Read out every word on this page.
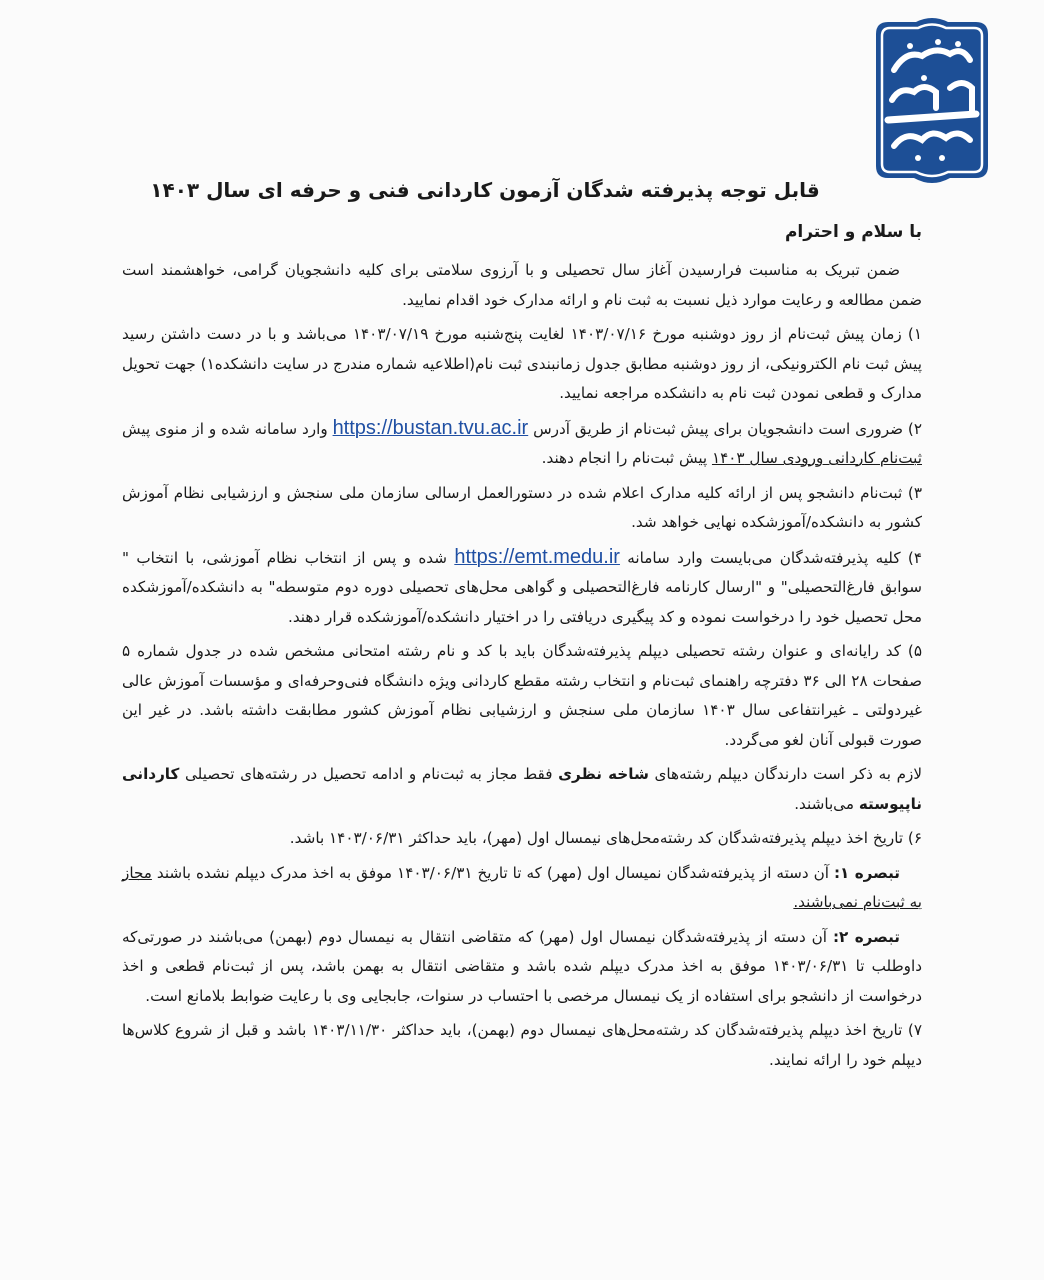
قابل توجه پذیرفته شدگان آزمون کاردانی فنی و حرفه ای سال ۱۴۰۳
با سلام و احترام

ضمن تبریک به مناسبت فرارسیدن آغاز سال تحصیلی و با آرزوی سلامتی برای کلیه دانشجویان گرامی، خواهشمند است ضمن مطالعه و رعایت موارد ذیل نسبت به ثبت نام و ارائه مدارک خود اقدام نمایید.

۱) زمان پیش ثبت‌نام از روز دوشنبه مورخ ۱۴۰۳/۰۷/۱۶ لغایت پنج‌شنبه مورخ ۱۴۰۳/۰۷/۱۹ می‌باشد و با در دست داشتن رسید پیش ثبت نام الکترونیکی، از روز دوشنبه مطابق جدول زمانبندی ثبت نام(اطلاعیه شماره مندرج در سایت دانشکده۱) جهت تحویل مدارک و قطعی نمودن ثبت نام به دانشکده مراجعه نمایید.

۲) ضروری است دانشجویان برای پیش ثبت‌نام از طریق آدرس https://bustan.tvu.ac.ir وارد سامانه شده و از منوی پیش ثبت‌نام کاردانی ورودی سال ۱۴۰۳ پیش ثبت‌نام را انجام دهند.

۳) ثبت‌نام دانشجو پس از ارائه کلیه مدارک اعلام شده در دستورالعمل ارسالی سازمان ملی سنجش و ارزشیابی نظام آموزش کشور به دانشکده/آموزشکده نهایی خواهد شد.

۴) کلیه پذیرفته‌شدگان می‌بایست وارد سامانه https://emt.medu.ir شده و پس از انتخاب نظام آموزشی، با انتخاب " سوابق فارغ‌التحصیلی" و "ارسال کارنامه فارغ‌التحصیلی و گواهی محل‌های تحصیلی دوره دوم متوسطه" به دانشکده/آموزشکده محل تحصیل خود را درخواست نموده و کد پیگیری دریافتی را در اختیار دانشکده/آموزشکده قرار دهند.

۵) کد رایانه‌ای و عنوان رشته تحصیلی دیپلم پذیرفته‌شدگان باید با کد و نام رشته امتحانی مشخص شده در جدول شماره ۵ صفحات ۲۸ الی ۳۶ دفترچه راهنمای ثبت‌نام و انتخاب رشته مقطع کاردانی ویژه دانشگاه فنی‌وحرفه‌ای و مؤسسات آموزش عالی غیردولتی ـ غیرانتفاعی سال ۱۴۰۳ سازمان ملی سنجش و ارزشیابی نظام آموزش کشور مطابقت داشته باشد. در غیر این صورت قبولی آنان لغو می‌گردد.

لازم به ذکر است دارندگان دیپلم رشته‌های شاخه نظری فقط مجاز به ثبت‌نام و ادامه تحصیل در رشته‌های تحصیلی کاردانی ناپیوسته می‌باشند.

۶) تاریخ اخذ دیپلم پذیرفته‌شدگان کد رشته‌محل‌های نیمسال اول (مهر)، باید حداکثر ۱۴۰۳/۰۶/۳۱ باشد.

تبصره ۱: آن دسته از پذیرفته‌شدگان نمیسال اول (مهر) که تا تاریخ ۱۴۰۳/۰۶/۳۱ موفق به اخذ مدرک دیپلم نشده باشند مجاز به ثبت‌نام نمی‌باشند.

تبصره ۲: آن دسته از پذیرفته‌شدگان نیمسال اول (مهر) که متقاضی انتقال به نیمسال دوم (بهمن) می‌باشند در صورتی‌که داوطلب تا ۱۴۰۳/۰۶/۳۱ موفق به اخذ مدرک دیپلم شده باشد و متقاضی انتقال به بهمن باشد، پس از ثبت‌نام قطعی و اخذ درخواست از دانشجو برای استفاده از یک نیمسال مرخصی با احتساب در سنوات، جابجایی وی با رعایت ضوابط بلامانع است.

۷) تاریخ اخذ دیپلم پذیرفته‌شدگان کد رشته‌محل‌های نیمسال دوم (بهمن)، باید حداکثر ۱۴۰۳/۱۱/۳۰ باشد و قبل از شروع کلاس‌ها دیپلم خود را ارائه نمایند.
